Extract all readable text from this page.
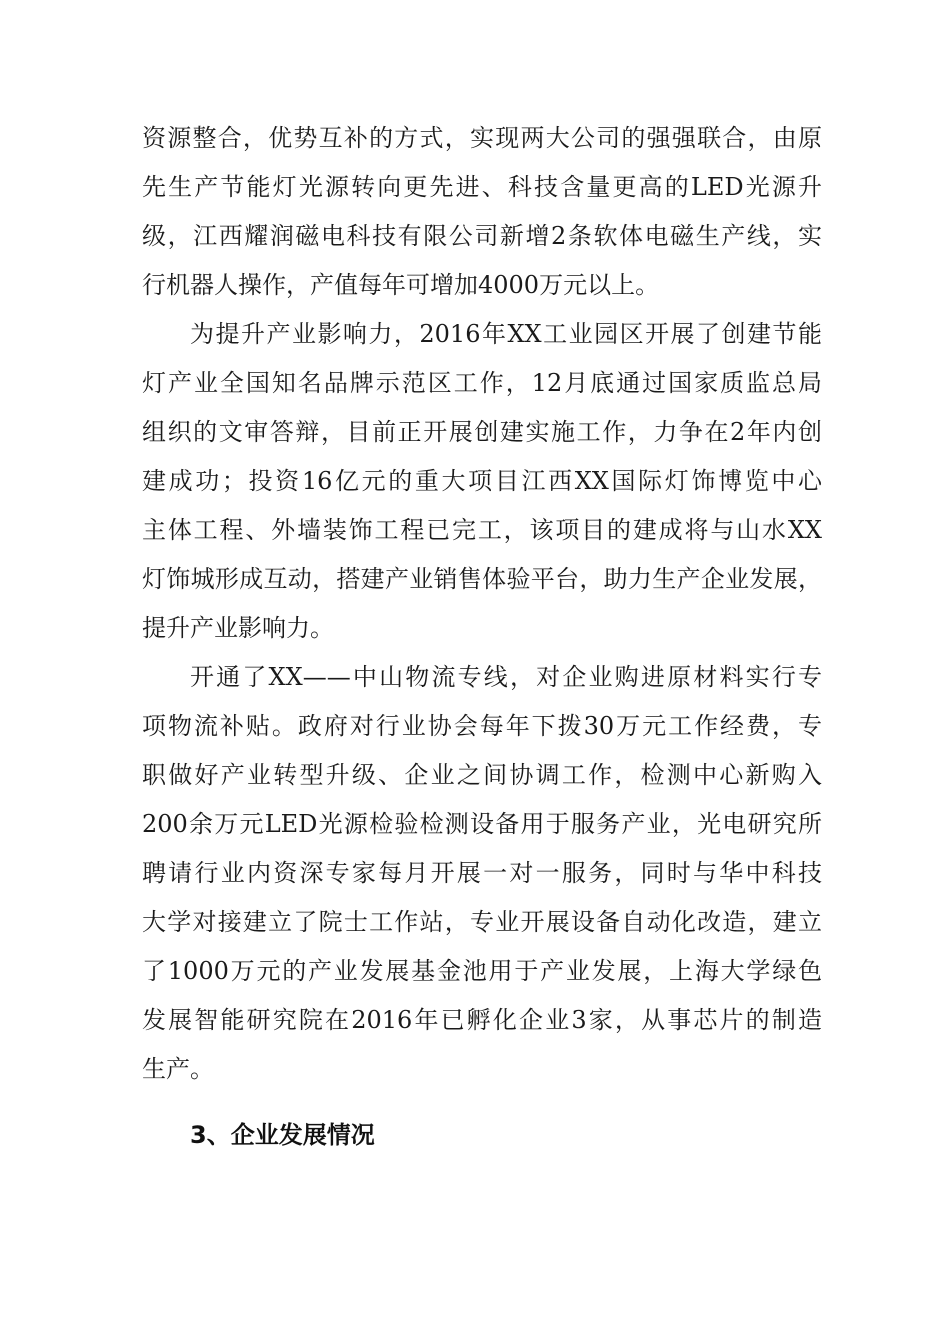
资源整合，优势互补的方式，实现两大公司的强强联合，由原
先生产节能灯光源转向更先进、科技含量更高的LED光源升
级，江西耀润磁电科技有限公司新增2条软体电磁生产线，实
行机器人操作，产值每年可增加4000万元以上。

为提升产业影响力，2016年XX工业园区开展了创建节能
灯产业全国知名品牌示范区工作，12月底通过国家质监总局
组织的文审答辩，目前正开展创建实施工作，力争在2年内创
建成功；投资16亿元的重大项目江西XX国际灯饰博览中心
主体工程、外墙装饰工程已完工，该项目的建成将与山水XX
灯饰城形成互动，搭建产业销售体验平台，助力生产企业发展，
提升产业影响力。

开通了XX——中山物流专线，对企业购进原材料实行专
项物流补贴。政府对行业协会每年下拨30万元工作经费，专
职做好产业转型升级、企业之间协调工作，检测中心新购入
200余万元LED光源检验检测设备用于服务产业，光电研究所
聘请行业内资深专家每月开展一对一服务，同时与华中科技
大学对接建立了院士工作站，专业开展设备自动化改造，建立
了1000万元的产业发展基金池用于产业发展，上海大学绿色
发展智能研究院在2016年已孵化企业3家，从事芯片的制造
生产。

3、企业发展情况
